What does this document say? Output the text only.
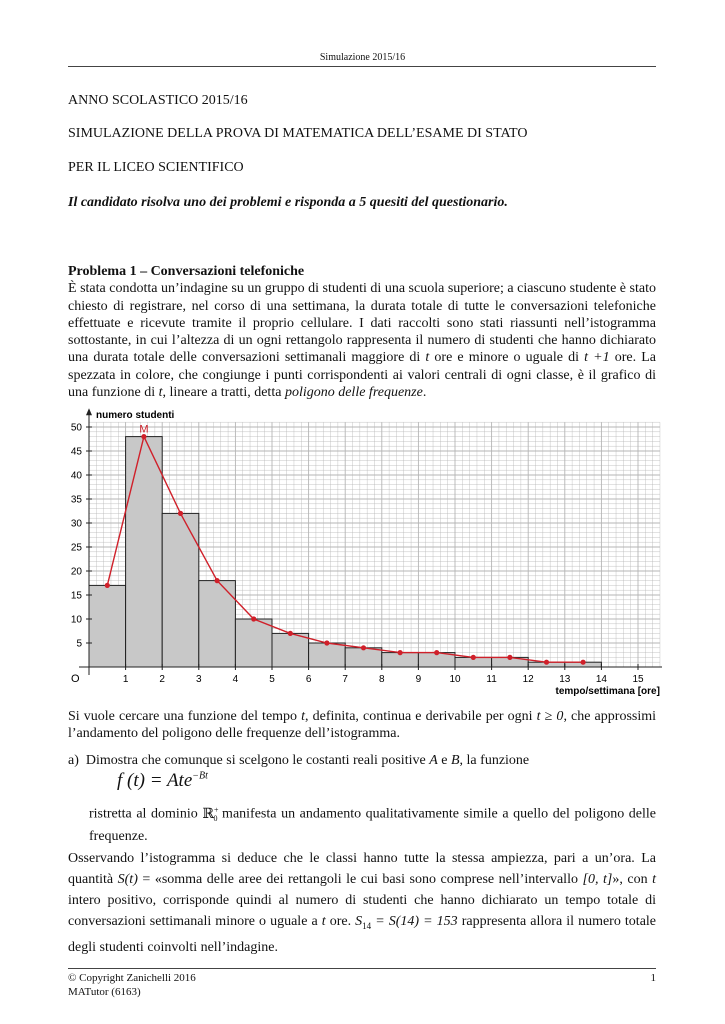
Simulazione 2015/16
ANNO SCOLASTICO 2015/16
SIMULAZIONE DELLA PROVA DI MATEMATICA DELL’ESAME DI STATO
PER IL LICEO SCIENTIFICO
Il candidato risolva uno dei problemi e risponda a 5 quesiti del questionario.

Problema 1 – Conversazioni telefoniche

È stata condotta un’indagine su un gruppo di studenti di una scuola superiore; a ciascuno studente è stato chiesto di registrare, nel corso di una settimana, la durata totale di tutte le conversazioni telefoniche effettuate e ricevute tramite il proprio cellulare. I dati raccolti sono stati riassunti nell’istogramma sottostante, in cui l’altezza di un ogni rettangolo rappresenta il numero di studenti che hanno dichiarato una durata totale delle conversazioni settimanali maggiore di t ore e minore o uguale di t +1 ore. La spezzata in colore, che congiunge i punti corrispondenti ai valori centrali di ogni classe, è il grafico di una funzione di t, lineare a tratti, detta poligono delle frequenze.

1	2	3	4	5	6	7	8	9	10	11	12	13	14	15
5
10
15
20
25
30
35
40
45
50
numero studenti
tempo/settimana [ore]
O
M

Si vuole cercare una funzione del tempo t, definita, continua e derivabile per ogni t ≥ 0, che approssimi l’andamento del poligono delle frequenze dell’istogramma.

a) Dimostra che comunque si scelgono le costanti reali positive A e B, la funzione

f (t) = Ate$^{-Bt}$

ristretta al dominio ℝ+$_0$ manifesta un andamento qualitativamente simile a quello del poligono delle frequenze.

Osservando l’istogramma si deduce che le classi hanno tutte la stessa ampiezza, pari a un’ora. La quantità S(t) = «somma delle aree dei rettangoli le cui basi sono comprese nell’intervallo [0, t]», con t intero positivo, corrisponde quindi al numero di studenti che hanno dichiarato un tempo totale di conversazioni settimanali minore o uguale a t ore. $S_{14} = S(14) = 153$ rappresenta allora il numero totale degli studenti coinvolti nell’indagine.

© Copyright Zanichelli 2016
MATutor (6163)
1
